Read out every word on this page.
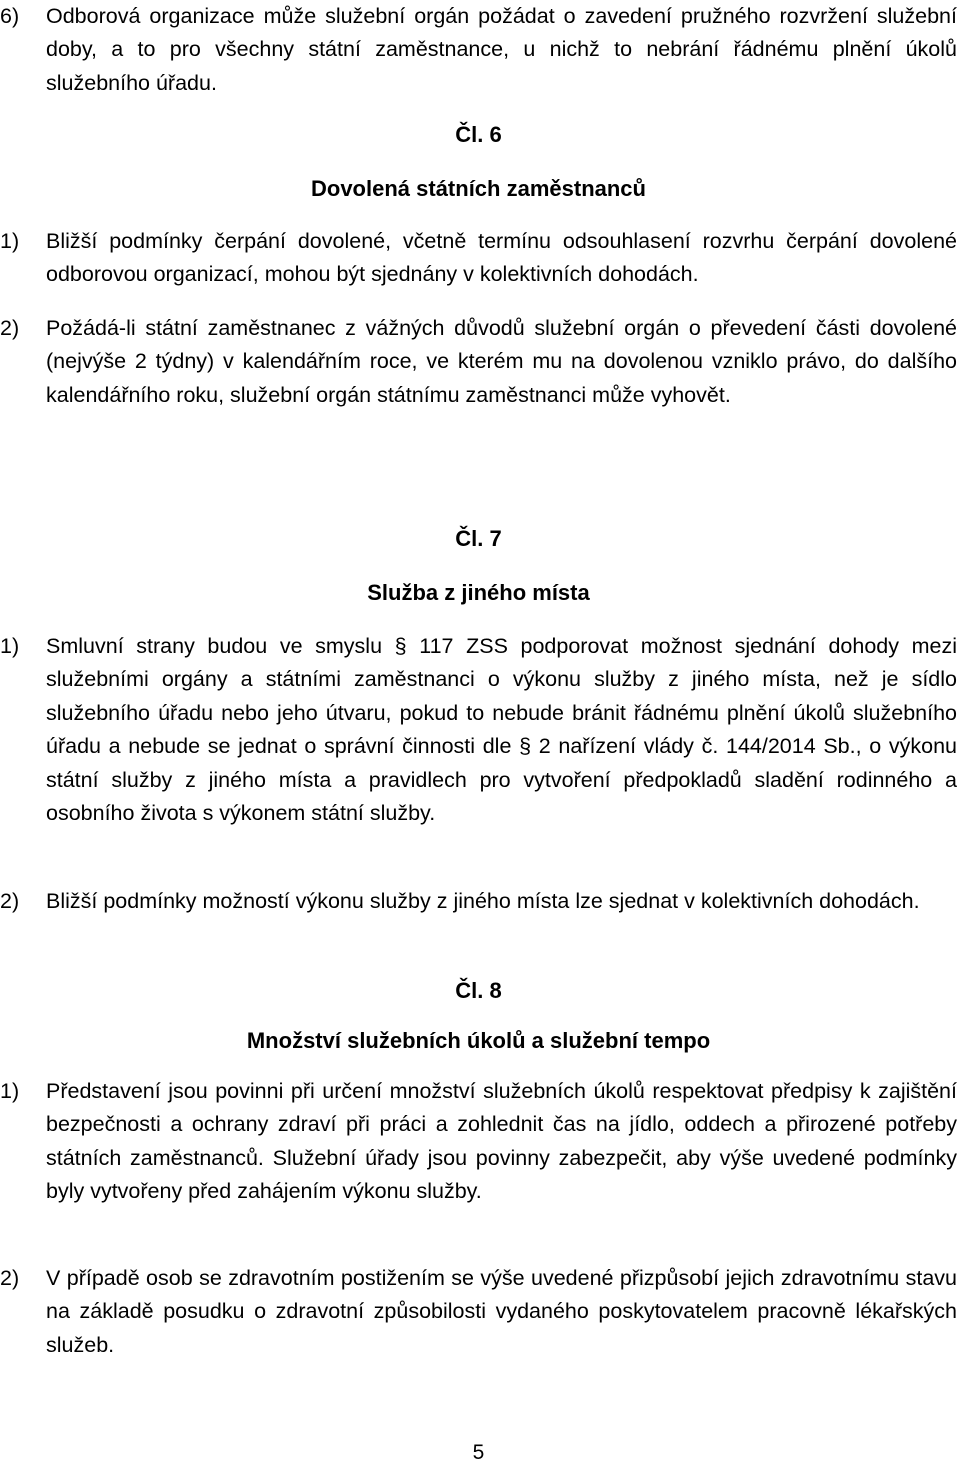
6)	Odborová organizace může služební orgán požádat o zavedení pružného rozvržení služební doby, a to pro všechny státní zaměstnance, u nichž to nebrání řádnému plnění úkolů služebního úřadu.
Čl. 6
Dovolená státních zaměstnanců
1)	Bližší podmínky čerpání dovolené, včetně termínu odsouhlasení rozvrhu čerpání dovolené odborovou organizací, mohou být sjednány v kolektivních dohodách.
2)	Požádá-li státní zaměstnanec z vážných důvodů služební orgán o převedení části dovolené (nejvýše 2 týdny) v kalendářním roce, ve kterém mu na dovolenou vzniklo právo, do dalšího kalendářního roku, služební orgán státnímu zaměstnanci může vyhovět.
Čl. 7
Služba z jiného místa
1)	Smluvní strany budou ve smyslu § 117 ZSS podporovat možnost sjednání dohody mezi služebními orgány a státními zaměstnanci o výkonu služby z jiného místa, než je sídlo služebního úřadu nebo jeho útvaru, pokud to nebude bránit řádnému plnění úkolů služebního úřadu a nebude se jednat o správní činnosti dle § 2 nařízení vlády č. 144/2014 Sb., o výkonu státní služby z jiného místa a pravidlech pro vytvoření předpokladů sladění rodinného a osobního života s výkonem státní služby.
2)	Bližší podmínky možností výkonu služby z jiného místa lze sjednat v kolektivních dohodách.
Čl. 8
Množství služebních úkolů a služební tempo
1)	Představení jsou povinni při určení množství služebních úkolů respektovat předpisy k zajištění bezpečnosti a ochrany zdraví při práci a zohlednit čas na jídlo, oddech a přirozené potřeby státních zaměstnanců. Služební úřady jsou povinny zabezpečit, aby výše uvedené podmínky byly vytvořeny před zahájením výkonu služby.
2)	V případě osob se zdravotním postižením se výše uvedené přizpůsobí jejich zdravotnímu stavu na základě posudku o zdravotní způsobilosti vydaného poskytovatelem pracovně lékařských služeb.
5
